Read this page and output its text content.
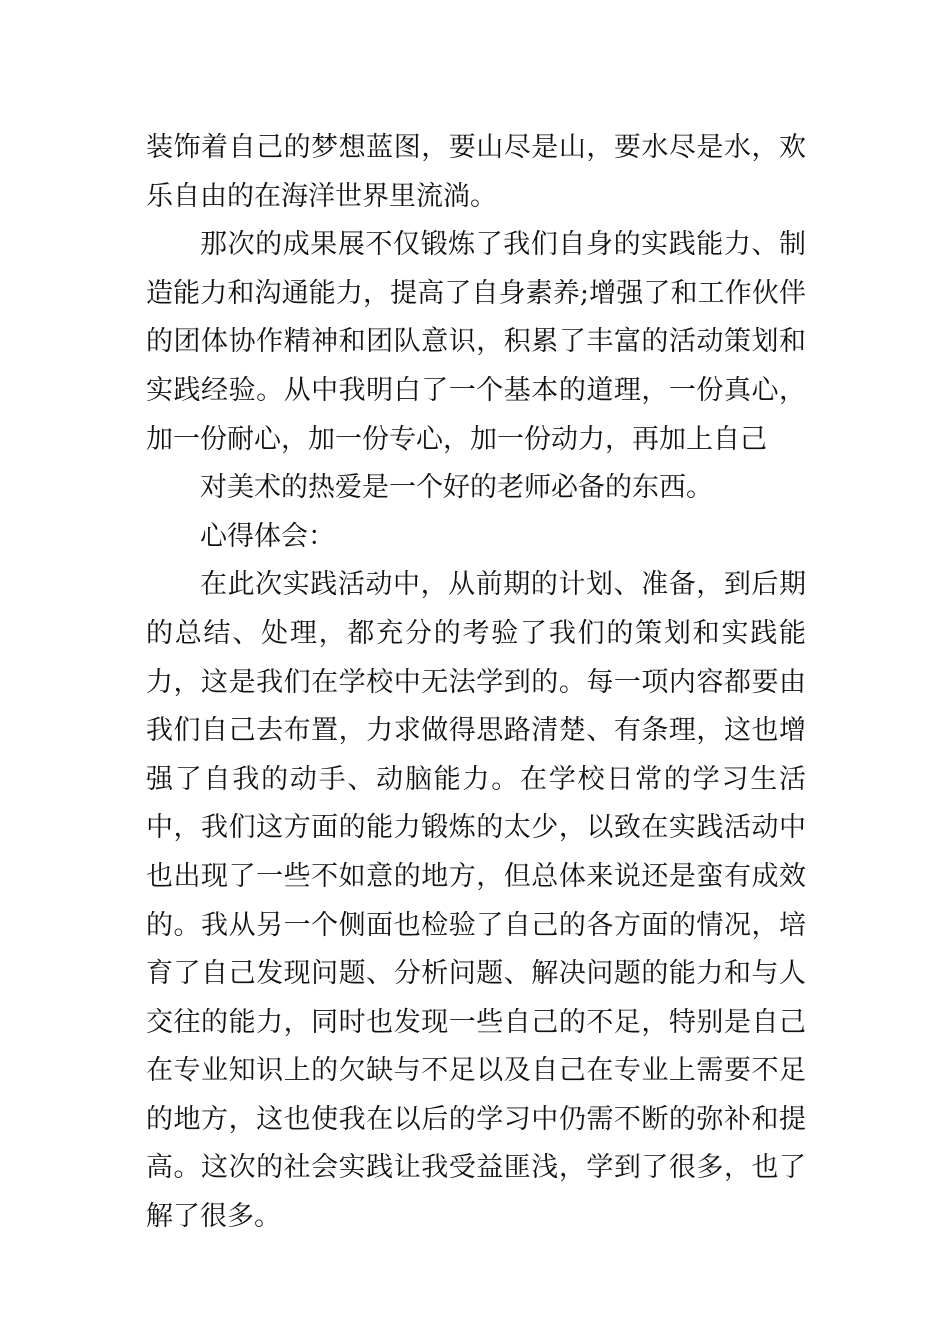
装饰着自己的梦想蓝图，要山尽是山，要水尽是水，欢乐自由的在海洋世界里流淌。

那次的成果展不仅锻炼了我们自身的实践能力、制造能力和沟通能力，提高了自身素养;增强了和工作伙伴的团体协作精神和团队意识，积累了丰富的活动策划和实践经验。从中我明白了一个基本的道理，一份真心，加一份耐心，加一份专心，加一份动力，再加上自己

对美术的热爱是一个好的老师必备的东西。

心得体会：

在此次实践活动中，从前期的计划、准备，到后期的总结、处理，都充分的考验了我们的策划和实践能力，这是我们在学校中无法学到的。每一项内容都要由我们自己去布置，力求做得思路清楚、有条理，这也增强了自我的动手、动脑能力。在学校日常的学习生活中，我们这方面的能力锻炼的太少，以致在实践活动中也出现了一些不如意的地方，但总体来说还是蛮有成效的。我从另一个侧面也检验了自己的各方面的情况，培育了自己发现问题、分析问题、解决问题的能力和与人交往的能力，同时也发现一些自己的不足，特别是自己在专业知识上的欠缺与不足以及自己在专业上需要不足的地方，这也使我在以后的学习中仍需不断的弥补和提高。这次的社会实践让我受益匪浅，学到了很多，也了解了很多。
